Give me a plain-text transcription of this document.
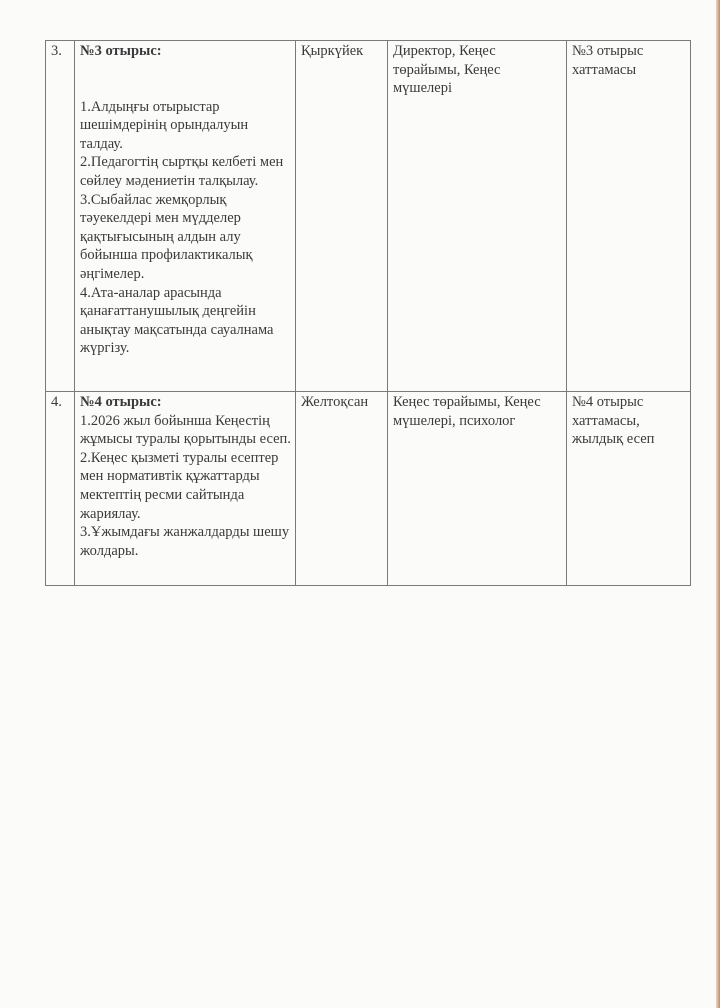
3.	№3 отырыс:
1.Алдыңғы отырыстар шешімдерінің орындалуын талдау.
2.Педагогтің сыртқы келбеті мен сөйлеу мәдениетін талқылау.
3.Сыбайлас жемқорлық тәуекелдері мен мүдделер қақтығысының алдын алу бойынша профилактикалық әңгімелер.
4.Ата-аналар арасында қанағаттанушылық деңгейін анықтау мақсатында сауалнама жүргізу.	Қыркүйек	Директор, Кеңес төрайымы, Кеңес мүшелері	№3 отырыс хаттамасы
4.	№4 отырыс:
1.2026 жыл бойынша Кеңестің жұмысы туралы қорытынды есеп.
2.Кеңес қызметі туралы есептер мен нормативтік құжаттарды мектептің ресми сайтында жариялау.
3.Ұжымдағы жанжалдарды шешу жолдары.	Желтоқсан	Кеңес төрайымы, Кеңес мүшелері, психолог	№4 отырыс хаттамасы, жылдық есеп
